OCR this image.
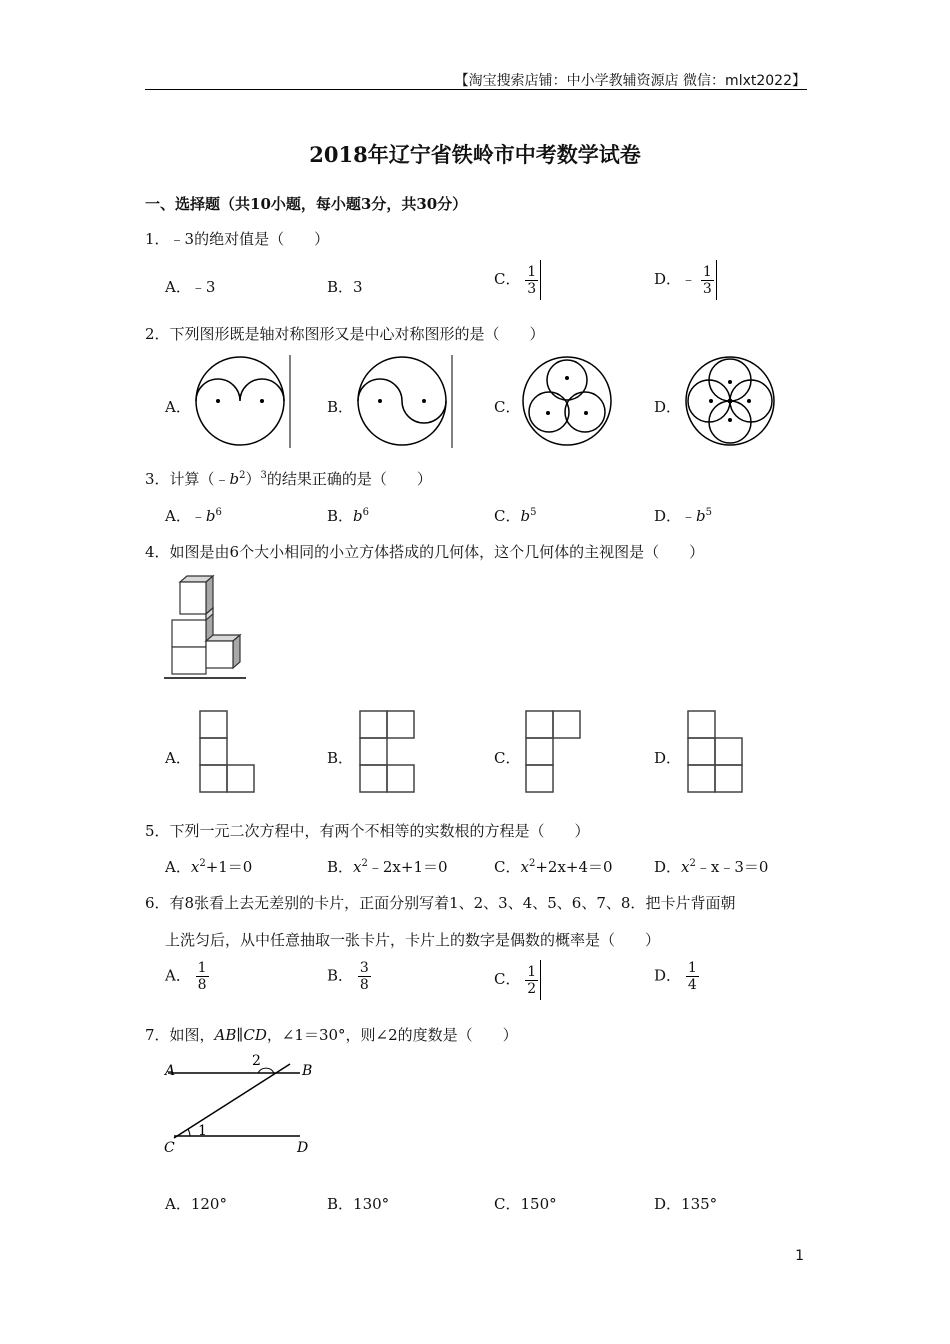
【淘宝搜索店铺：中小学教辅资源店 微信：mlxt2022】
2018年辽宁省铁岭市中考数学试卷
一、选择题（共10小题，每小题3分，共30分）
1．﹣3的绝对值是（　　）
A．﹣3	B．3	C． $\frac{1}{3}$	D．﹣ $\frac{1}{3}$
2．下列图形既是轴对称图形又是中心对称图形的是（　　）
A．	B．	C．	D．
3．计算$(﹣b^2)^3$的结果正确的是（　　）
A．$﹣b^6$	B．$b^6$	C．$b^5$	D．$﹣b^5$
4．如图是由6个大小相同的小立方体搭成的几何体，这个几何体的主视图是（　　）
A．	B．	C．	D．
5．下列一元二次方程中，有两个不相等的实数根的方程是（　　）
A．$x^2+1=0$	B．$x^2﹣2x+1=0$	C．$x^2+2x+4=0$	D．$x^2﹣x﹣3=0$
6．有8张看上去无差别的卡片，正面分别写着1、2、3、4、5、6、7、8．把卡片背面朝
上洗匀后，从中任意抽取一张卡片，卡片上的数字是偶数的概率是（　　）
A． $\frac{1}{8}$	B． $\frac{3}{8}$	C． $\frac{1}{2}$	D． $\frac{1}{4}$
7．如图，AB∥CD，∠1＝30°，则∠2的度数是（　　）
A	B
C	D
1
2
A．120°	B．130°	C．150°	D．135°
1
